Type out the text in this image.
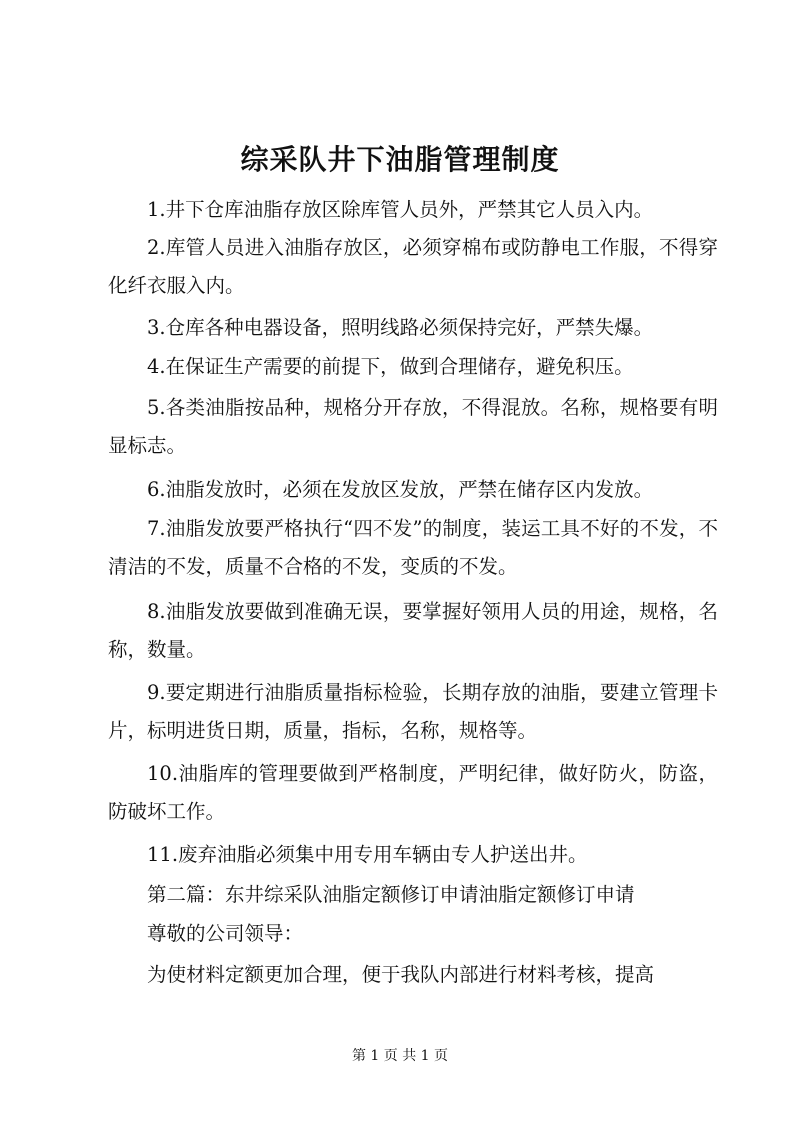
综采队井下油脂管理制度

1.井下仓库油脂存放区除库管人员外，严禁其它人员入内。

2.库管人员进入油脂存放区，必须穿棉布或防静电工作服，不得穿化纤衣服入内。

3.仓库各种电器设备，照明线路必须保持完好，严禁失爆。

4.在保证生产需要的前提下，做到合理储存，避免积压。

5.各类油脂按品种，规格分开存放，不得混放。名称，规格要有明显标志。

6.油脂发放时，必须在发放区发放，严禁在储存区内发放。

7.油脂发放要严格执行“四不发”的制度，装运工具不好的不发，不清洁的不发，质量不合格的不发，变质的不发。

8.油脂发放要做到准确无误，要掌握好领用人员的用途，规格，名称，数量。

9.要定期进行油脂质量指标检验，长期存放的油脂，要建立管理卡片，标明进货日期，质量，指标，名称，规格等。

10.油脂库的管理要做到严格制度，严明纪律，做好防火，防盗，防破坏工作。

11.废弃油脂必须集中用专用车辆由专人护送出井。

第二篇：东井综采队油脂定额修订申请油脂定额修订申请

尊敬的公司领导：

为使材料定额更加合理，便于我队内部进行材料考核，提高

第 1 页 共 1 页
